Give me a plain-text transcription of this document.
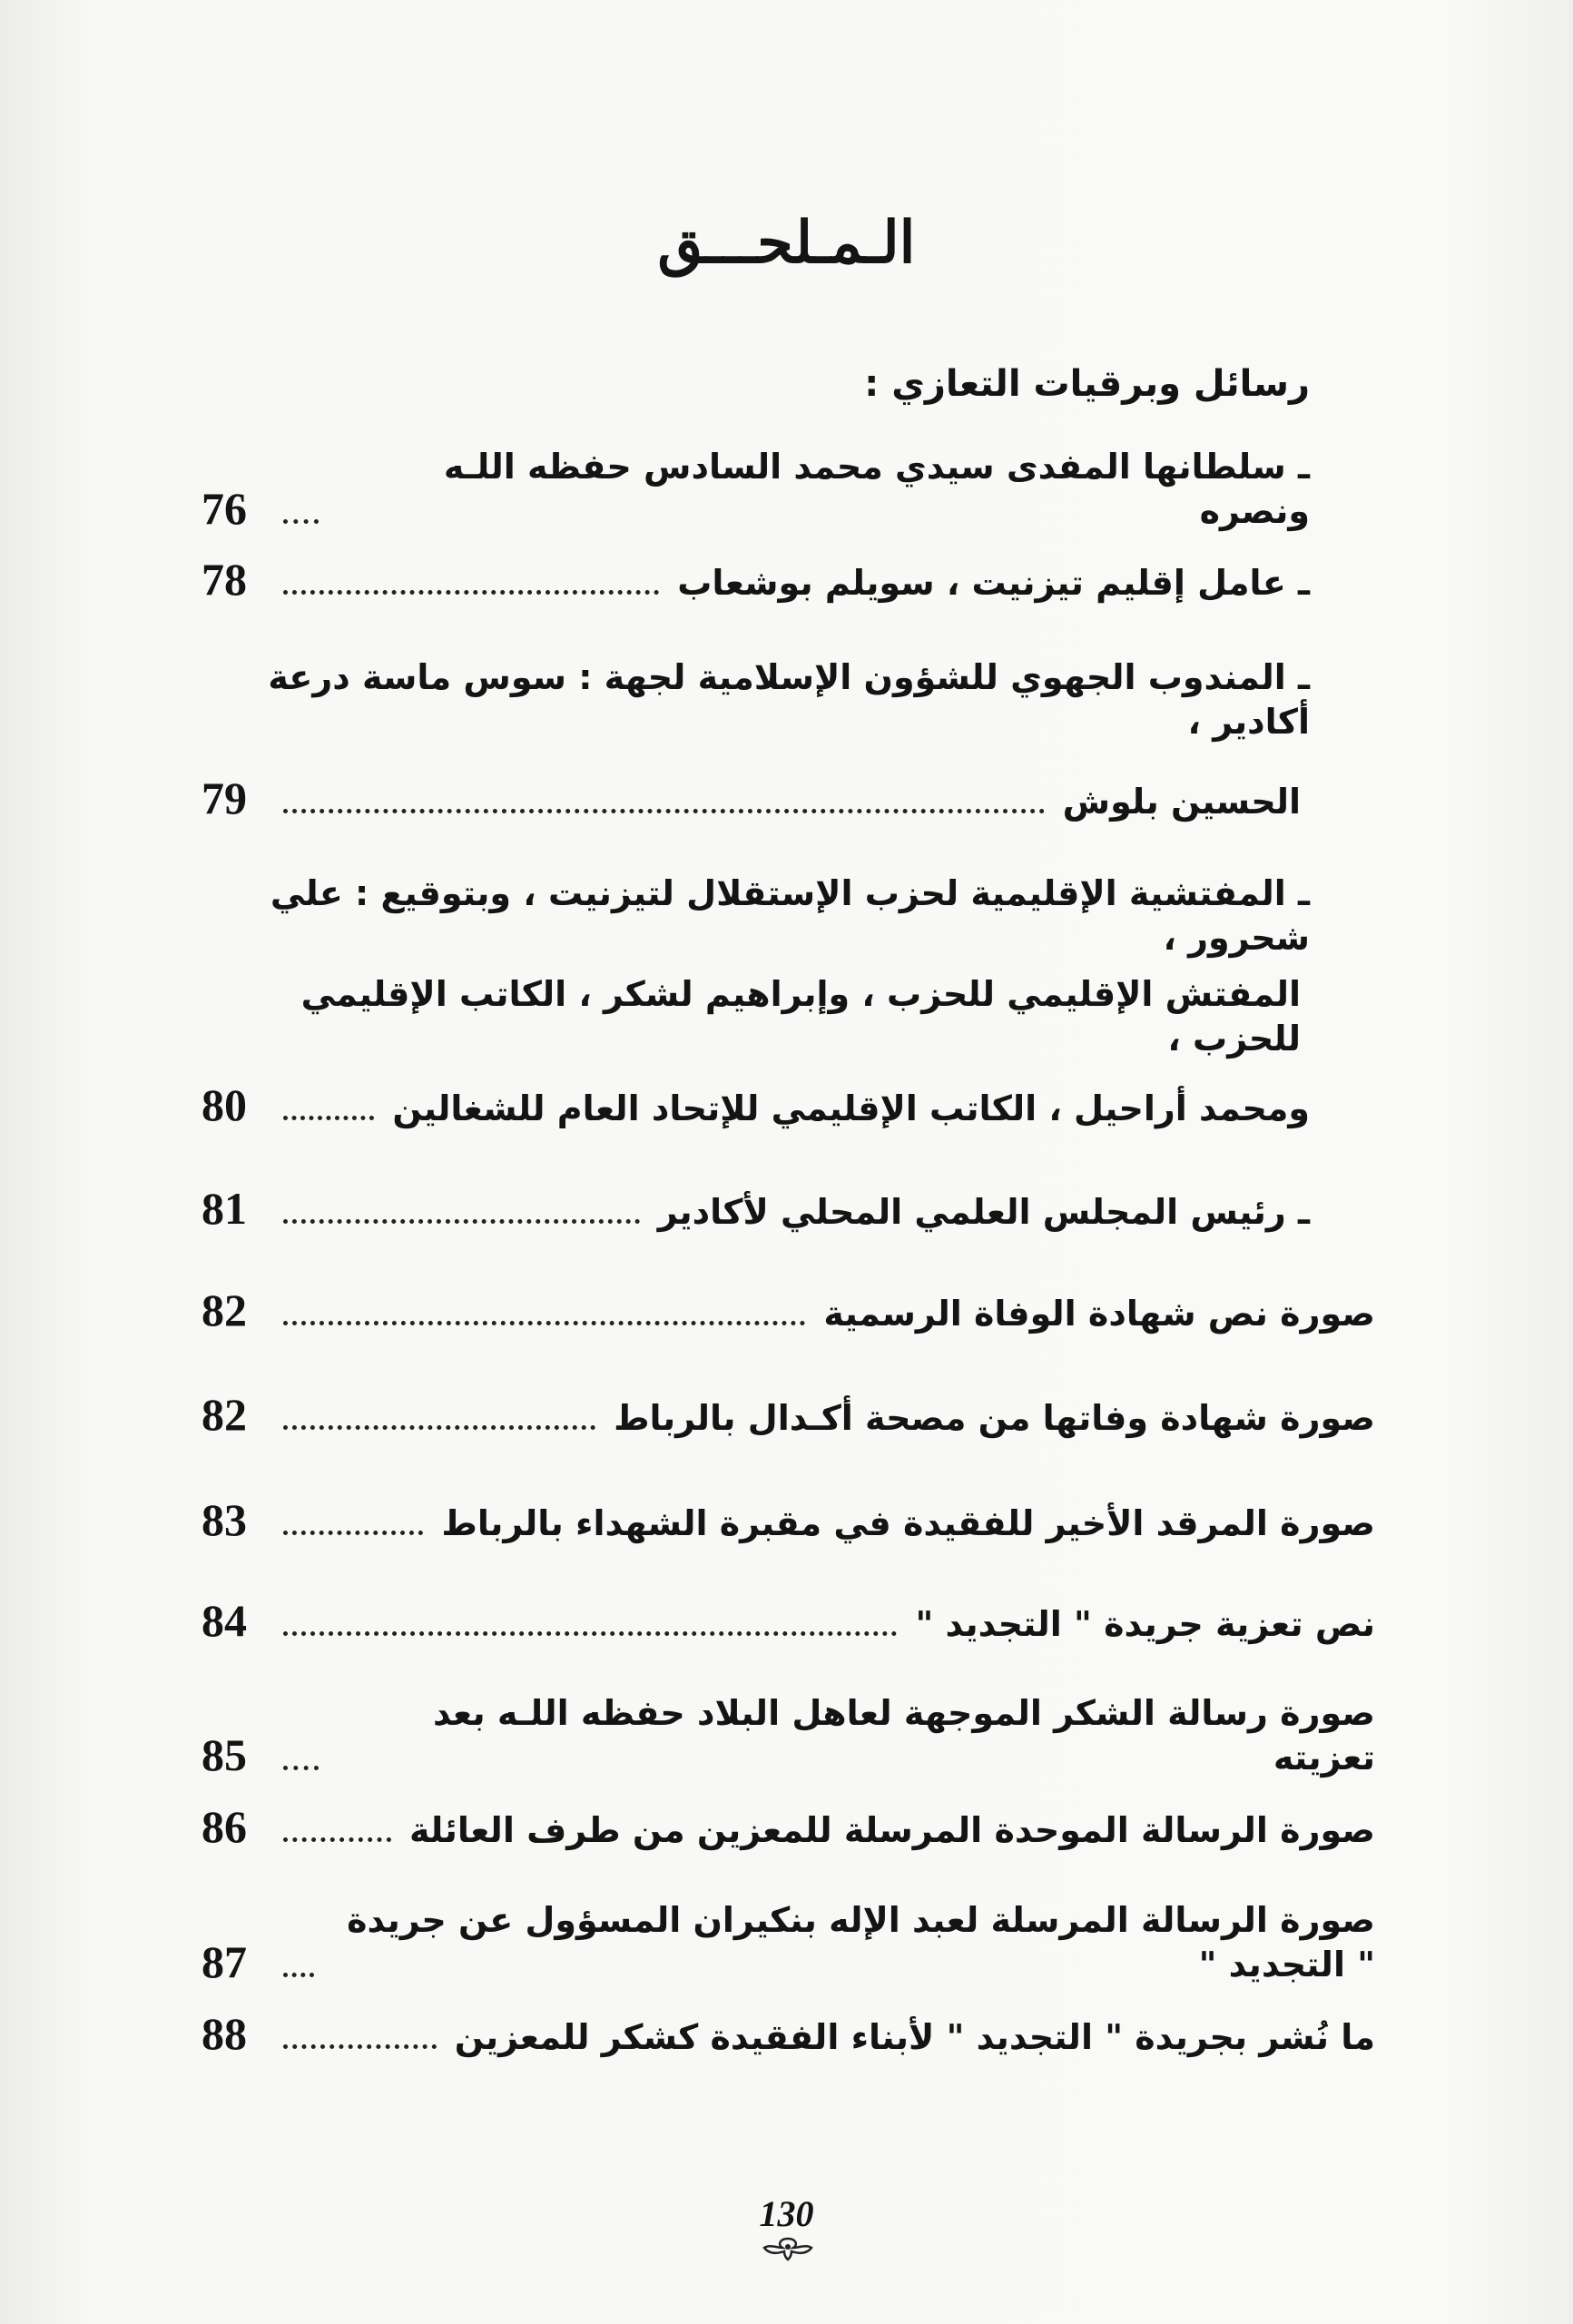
الـمـلحـــق
رسائل وبرقيات التعازي :
ـ سلطانها المفدى سيدي محمد السادس حفظه اللـه ونصره
76
ـ عامل إقليم تيزنيت ، سويلم بوشعاب
78
ـ المندوب الجهوي للشؤون الإسلامية لجهة : سوس ماسة درعة أكادير ،
الحسين بلوش
79
ـ المفتشية الإقليمية لحزب الإستقلال لتيزنيت ، وبتوقيع : علي شحرور ،
المفتش الإقليمي للحزب ، وإبراهيم لشكر ، الكاتب الإقليمي للحزب ،
ومحمد أراحيل ، الكاتب الإقليمي للإتحاد العام للشغالين
80
ـ رئيس المجلس العلمي المحلي لأكادير
81
صورة نص شهادة الوفاة الرسمية
82
صورة شهادة وفاتها من مصحة أكـدال بالرباط
82
صورة المرقد الأخير للفقيدة في مقبرة الشهداء بالرباط
83
نص تعزية جريدة " التجديد "
84
صورة رسالة الشكر الموجهة لعاهل البلاد حفظه اللـه بعد تعزيته
85
صورة الرسالة الموحدة المرسلة للمعزين من طرف العائلة
86
صورة الرسالة المرسلة لعبد الإله بنكيران المسؤول عن جريدة " التجديد "
87
ما نُشر بجريدة " التجديد " لأبناء الفقيدة كشكر للمعزين
88
130
